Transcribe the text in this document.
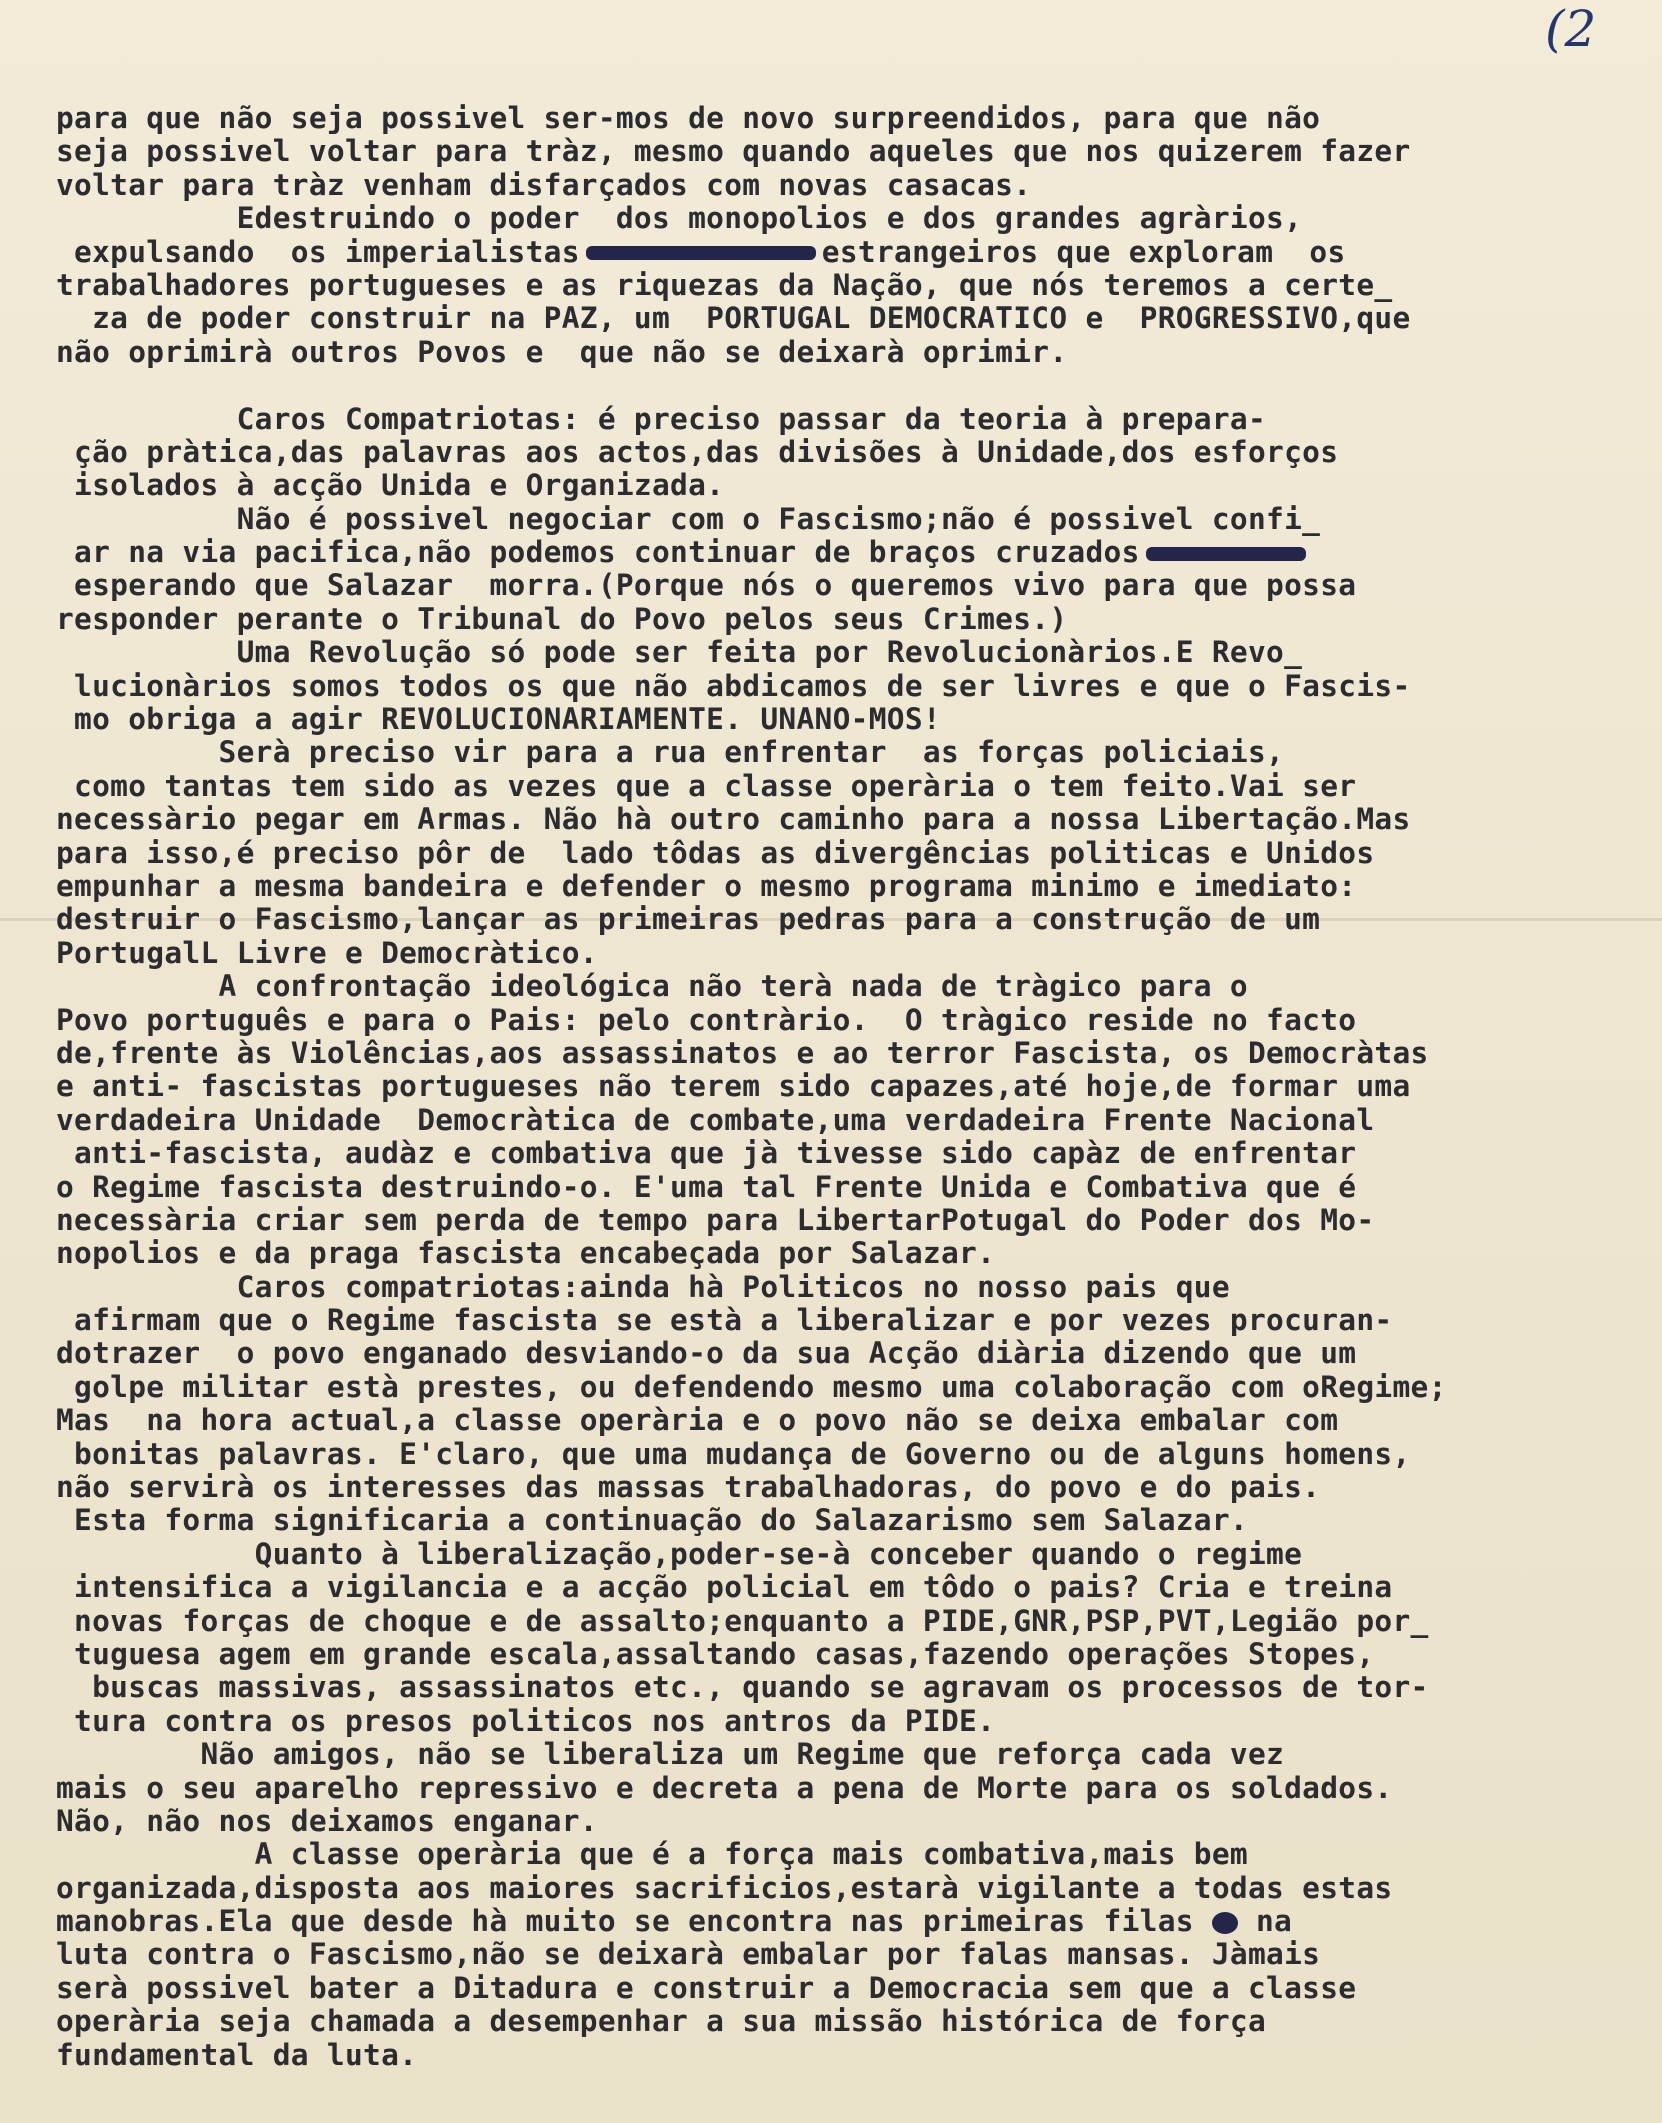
(2
para que não seja possivel ser-mos de novo surpreendidos, para que não
seja possivel voltar para tràz, mesmo quando aqueles que nos quizerem fazer
voltar para tràz venham disfarçados com novas casacas.
Edestruindo o poder  dos monopolios e dos grandes agràrios,
expulsando  os imperialistas	estrangeiros que exploram  os
trabalhadores portugueses e as riquezas da Nação, que nós teremos a certe_
za de poder construir na PAZ, um  PORTUGAL DEMOCRATICO e  PROGRESSIVO,que
não oprimirà outros Povos e  que não se deixarà oprimir.
Caros Compatriotas: é preciso passar da teoria à prepara-
ção pràtica,das palavras aos actos,das divisões à Unidade,dos esforços
isolados à acção Unida e Organizada.
Não é possivel negociar com o Fascismo;não é possivel confi_
ar na via pacifica,não podemos continuar de braços cruzados
esperando que Salazar  morra.(Porque nós o queremos vivo para que possa
responder perante o Tribunal do Povo pelos seus Crimes.)
Uma Revolução só pode ser feita por Revolucionàrios.E Revo_
lucionàrios somos todos os que não abdicamos de ser livres e que o Fascis-
mo obriga a agir REVOLUCIONARIAMENTE. UNANO-MOS!
Serà preciso vir para a rua enfrentar  as forças policiais,
como tantas tem sido as vezes que a classe operària o tem feito.Vai ser
necessàrio pegar em Armas. Não hà outro caminho para a nossa Libertação.Mas
para isso,é preciso pôr de  lado tôdas as divergências politicas e Unidos
empunhar a mesma bandeira e defender o mesmo programa minimo e imediato:
destruir o Fascismo,lançar as primeiras pedras para a construção de um
PortugalL Livre e Democràtico.
A confrontação ideológica não terà nada de tràgico para o
Povo português e para o Pais: pelo contràrio.  O tràgico reside no facto
de,frente às Violências,aos assassinatos e ao terror Fascista, os Democràtas
e anti- fascistas portugueses não terem sido capazes,até hoje,de formar uma
verdadeira Unidade  Democràtica de combate,uma verdadeira Frente Nacional
anti-fascista, audàz e combativa que jà tivesse sido capàz de enfrentar
o Regime fascista destruindo-o. E'uma tal Frente Unida e Combativa que é
necessària criar sem perda de tempo para LibertarPotugal do Poder dos Mo-
nopolios e da praga fascista encabeçada por Salazar.
Caros compatriotas:ainda hà Politicos no nosso pais que
afirmam que o Regime fascista se està a liberalizar e por vezes procuran-
dotrazer  o povo enganado desviando-o da sua Acção diària dizendo que um
golpe militar està prestes, ou defendendo mesmo uma colaboração com oRegime;
Mas  na hora actual,a classe operària e o povo não se deixa embalar com
bonitas palavras. E'claro, que uma mudança de Governo ou de alguns homens,
não servirà os interesses das massas trabalhadoras, do povo e do pais.
Esta forma significaria a continuação do Salazarismo sem Salazar.
Quanto à liberalização,poder-se-à conceber quando o regime
intensifica a vigilancia e a acção policial em tôdo o pais? Cria e treina
novas forças de choque e de assalto;enquanto a PIDE,GNR,PSP,PVT,Legião por_
tuguesa agem em grande escala,assaltando casas,fazendo operações Stopes,
buscas massivas, assassinatos etc., quando se agravam os processos de tor-
tura contra os presos politicos nos antros da PIDE.
Não amigos, não se liberaliza um Regime que reforça cada vez
mais o seu aparelho repressivo e decreta a pena de Morte para os soldados.
Não, não nos deixamos enganar.
A classe operària que é a força mais combativa,mais bem
organizada,disposta aos maiores sacrificios,estarà vigilante a todas estas
manobras.Ela que desde hà muito se encontra nas primeiras filas na
luta contra o Fascismo,não se deixarà embalar por falas mansas. Jàmais
serà possivel bater a Ditadura e construir a Democracia sem que a classe
operària seja chamada a desempenhar a sua missão histórica de força
fundamental da luta.
